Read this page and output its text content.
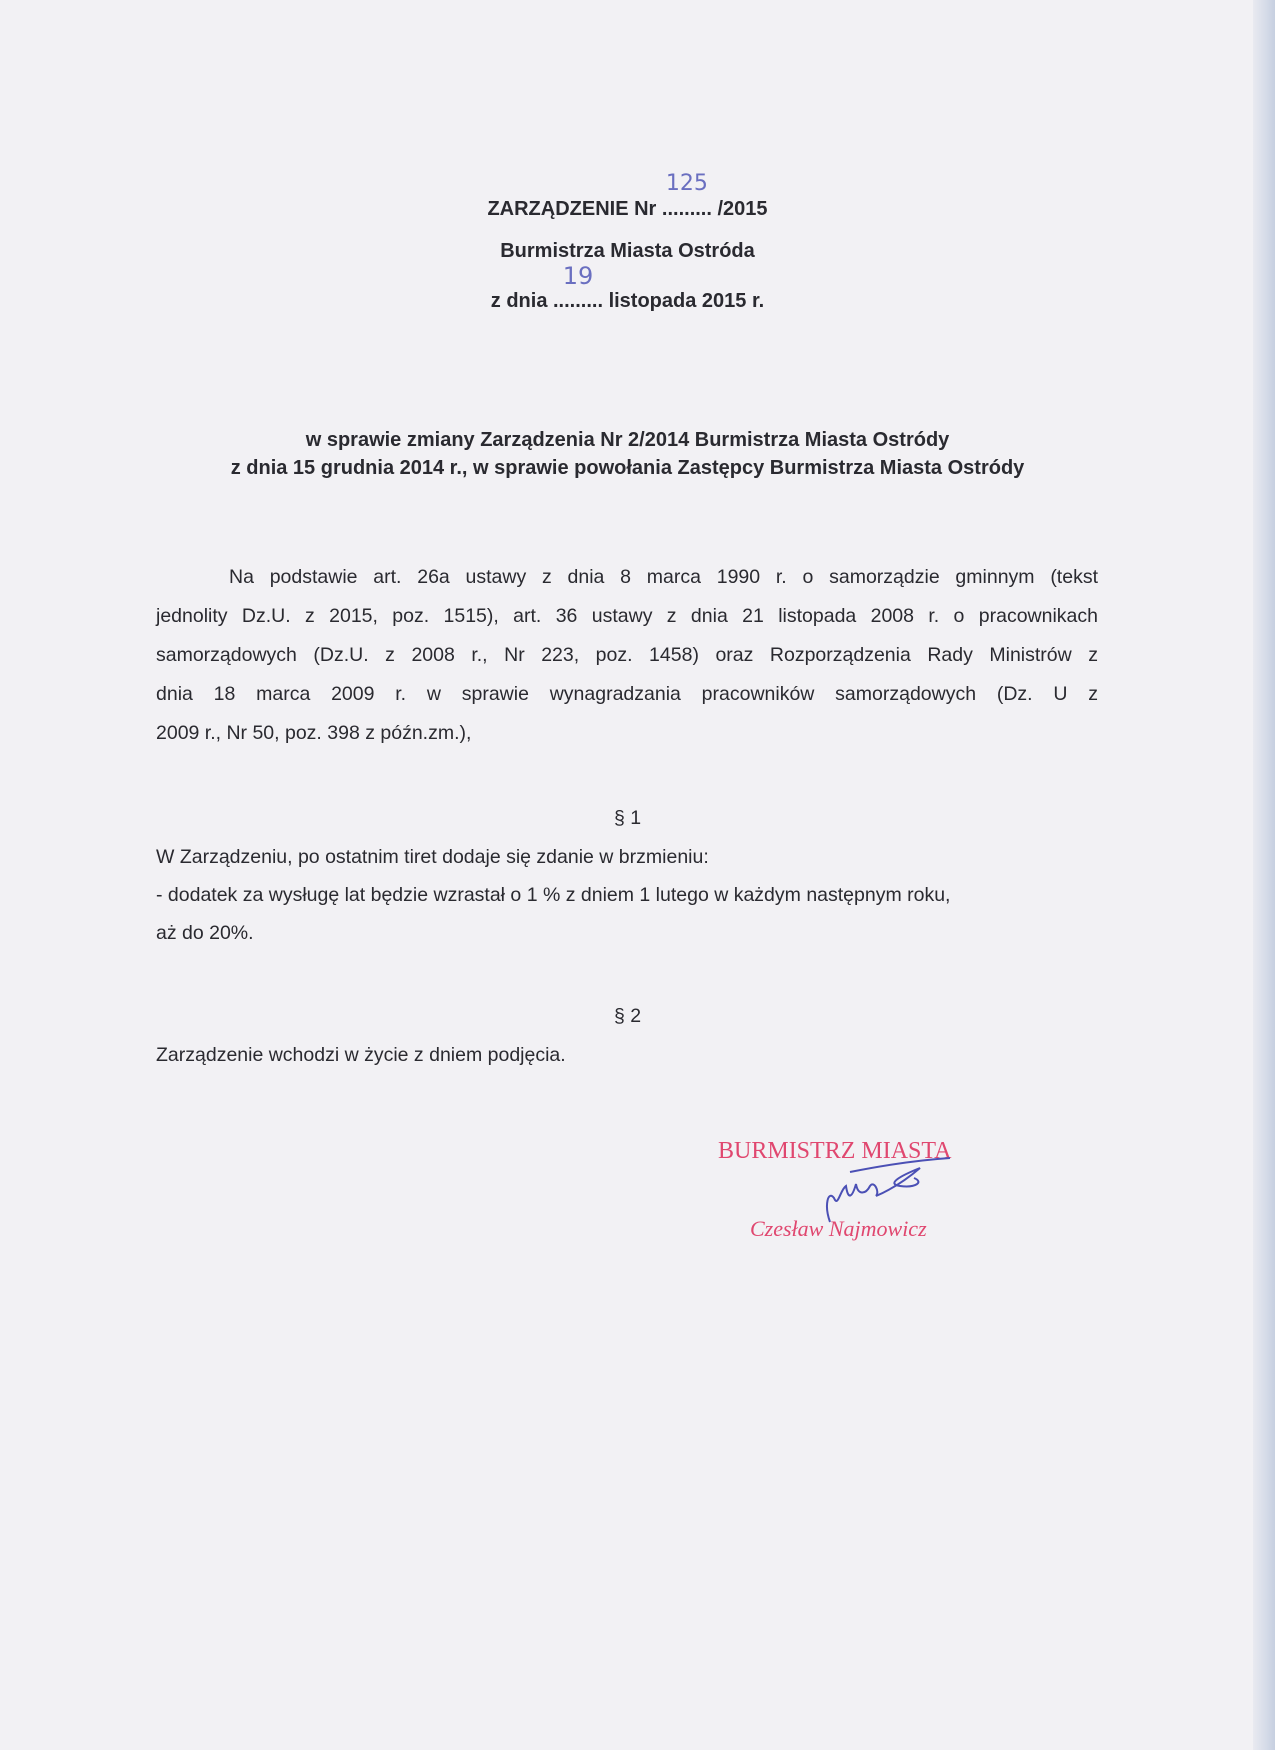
ZARZĄDZENIE Nr .........
125
/2015
Burmistrza Miasta Ostróda
z dnia .........
19
listopada 2015 r.
w sprawie zmiany Zarządzenia Nr 2/2014 Burmistrza Miasta Ostródy
z dnia 15 grudnia 2014 r., w sprawie powołania Zastępcy Burmistrza Miasta Ostródy
Na podstawie art. 26a ustawy z dnia 8 marca 1990 r. o samorządzie gminnym (tekst
jednolity Dz.U. z 2015, poz. 1515), art. 36 ustawy z dnia 21 listopada 2008 r. o pracownikach
samorządowych (Dz.U. z 2008 r., Nr 223, poz. 1458) oraz Rozporządzenia Rady Ministrów z
dnia 18 marca 2009 r. w sprawie wynagradzania pracowników samorządowych (Dz. U z
2009 r., Nr 50, poz. 398 z późn.zm.),
§ 1
W Zarządzeniu, po ostatnim tiret dodaje się zdanie w brzmieniu:
- dodatek za wysługę lat będzie wzrastał o 1 % z dniem 1 lutego w każdym następnym roku,
aż do 20%.
§ 2
Zarządzenie wchodzi w życie z dniem podjęcia.
BURMISTRZ MIASTA
Czesław Najmowicz
